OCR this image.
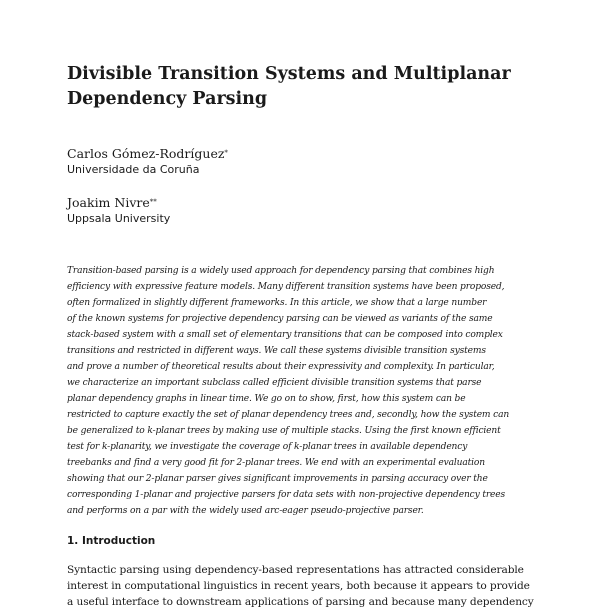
Divisible Transition Systems and Multiplanar
Dependency Parsing
Carlos Gómez-Rodríguez*
Universidade da Coruña
Joakim Nivre**
Uppsala University
Transition-based parsing is a widely used approach for dependency parsing that combines high
efficiency with expressive feature models. Many different transition systems have been proposed,
often formalized in slightly different frameworks. In this article, we show that a large number
of the known systems for projective dependency parsing can be viewed as variants of the same
stack-based system with a small set of elementary transitions that can be composed into complex
transitions and restricted in different ways. We call these systems divisible transition systems
and prove a number of theoretical results about their expressivity and complexity. In particular,
we characterize an important subclass called efficient divisible transition systems that parse
planar dependency graphs in linear time. We go on to show, first, how this system can be
restricted to capture exactly the set of planar dependency trees and, secondly, how the system can
be generalized to k-planar trees by making use of multiple stacks. Using the first known efficient
test for k-planarity, we investigate the coverage of k-planar trees in available dependency
treebanks and find a very good fit for 2-planar trees. We end with an experimental evaluation
showing that our 2-planar parser gives significant improvements in parsing accuracy over the
corresponding 1-planar and projective parsers for data sets with non-projective dependency trees
and performs on a par with the widely used arc-eager pseudo-projective parser.
1. Introduction
Syntactic parsing using dependency-based representations has attracted considerable
interest in computational linguistics in recent years, both because it appears to provide
a useful interface to downstream applications of parsing and because many dependency
